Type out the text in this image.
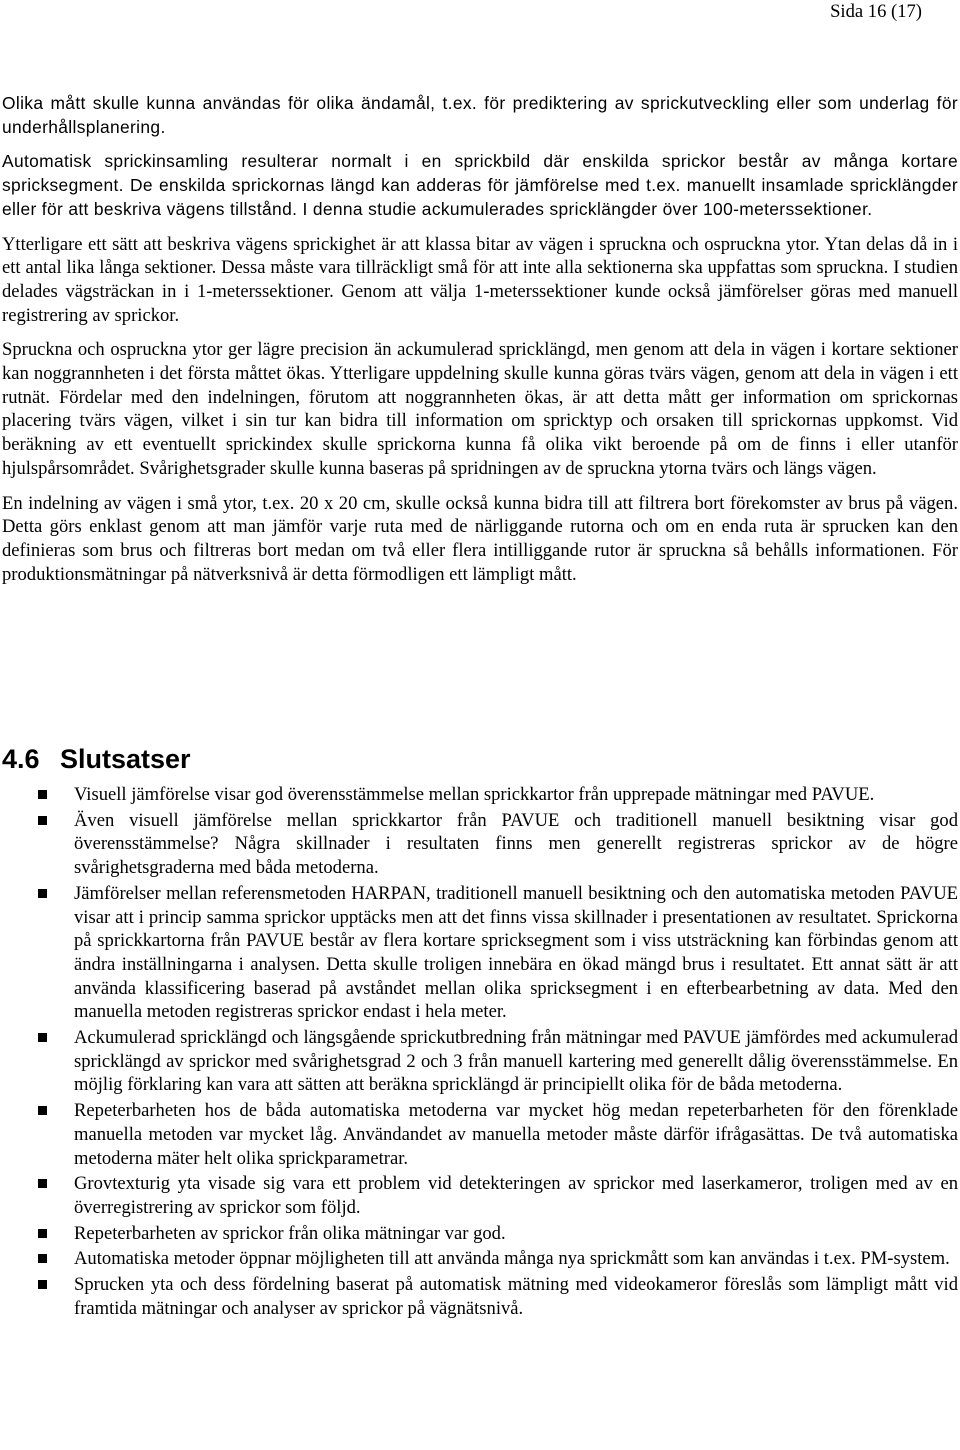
Sida 16 (17)

Olika mått skulle kunna användas för olika ändamål, t.ex. för prediktering av sprickutveckling eller som underlag för underhållsplanering.

Automatisk sprickinsamling resulterar normalt i en sprickbild där enskilda sprickor består av många kortare spricksegment. De enskilda sprickornas längd kan adderas för jämförelse med t.ex. manuellt insamlade spricklängder eller för att beskriva vägens tillstånd. I denna studie ackumulerades spricklängder över 100-meterssektioner.

Ytterligare ett sätt att beskriva vägens sprickighet är att klassa bitar av vägen i spruckna och ospruckna ytor. Ytan delas då in i ett antal lika långa sektioner. Dessa måste vara tillräckligt små för att inte alla sektionerna ska uppfattas som spruckna. I studien delades vägsträckan in i 1-meterssektioner. Genom att välja 1-meterssektioner kunde också jämförelser göras med manuell registrering av sprickor.

Spruckna och ospruckna ytor ger lägre precision än ackumulerad spricklängd, men genom att dela in vägen i kortare sektioner kan noggrannheten i det första måttet ökas. Ytterligare uppdelning skulle kunna göras tvärs vägen, genom att dela in vägen i ett rutnät. Fördelar med den indelningen, förutom att noggrannheten ökas, är att detta mått ger information om sprickornas placering tvärs vägen, vilket i sin tur kan bidra till information om spricktyp och orsaken till sprickornas uppkomst. Vid beräkning av ett eventuellt sprickindex skulle sprickorna kunna få olika vikt beroende på om de finns i eller utanför hjulspårsområdet. Svårighetsgrader skulle kunna baseras på spridningen av de spruckna ytorna tvärs och längs vägen.

En indelning av vägen i små ytor, t.ex. 20 x 20 cm, skulle också kunna bidra till att filtrera bort förekomster av brus på vägen. Detta görs enklast genom att man jämför varje ruta med de närliggande rutorna och om en enda ruta är sprucken kan den definieras som brus och filtreras bort medan om två eller flera intilliggande rutor är spruckna så behålls informationen. För produktionsmätningar på nätverksnivå är detta förmodligen ett lämpligt mått.

4.6 Slutsatser
Visuell jämförelse visar god överensstämmelse mellan sprickkartor från upprepade mätningar med PAVUE.
Även visuell jämförelse mellan sprickkartor från PAVUE och traditionell manuell besiktning visar god överensstämmelse? Några skillnader i resultaten finns men generellt registreras sprickor av de högre svårighetsgraderna med båda metoderna.
Jämförelser mellan referensmetoden HARPAN, traditionell manuell besiktning och den automatiska metoden PAVUE visar att i princip samma sprickor upptäcks men att det finns vissa skillnader i presentationen av resultatet. Sprickorna på sprickkartorna från PAVUE består av flera kortare spricksegment som i viss utsträckning kan förbindas genom att ändra inställningarna i analysen. Detta skulle troligen innebära en ökad mängd brus i resultatet. Ett annat sätt är att använda klassificering baserad på avståndet mellan olika spricksegment i en efterbearbetning av data. Med den manuella metoden registreras sprickor endast i hela meter.
Ackumulerad spricklängd och längsgående sprickutbredning från mätningar med PAVUE jämfördes med ackumulerad spricklängd av sprickor med svårighetsgrad 2 och 3 från manuell kartering med generellt dålig överensstämmelse. En möjlig förklaring kan vara att sätten att beräkna spricklängd är principiellt olika för de båda metoderna.
Repeterbarheten hos de båda automatiska metoderna var mycket hög medan repeterbarheten för den förenklade manuella metoden var mycket låg. Användandet av manuella metoder måste därför ifrågasättas. De två automatiska metoderna mäter helt olika sprickparametrar.
Grovtexturig yta visade sig vara ett problem vid detekteringen av sprickor med laserkameror, troligen med av en överregistrering av sprickor som följd.
Repeterbarheten av sprickor från olika mätningar var god.
Automatiska metoder öppnar möjligheten till att använda många nya sprickmått som kan användas i t.ex. PM-system.
Sprucken yta och dess fördelning baserat på automatisk mätning med videokameror föreslås som lämpligt mått vid framtida mätningar och analyser av sprickor på vägnätsnivå.
